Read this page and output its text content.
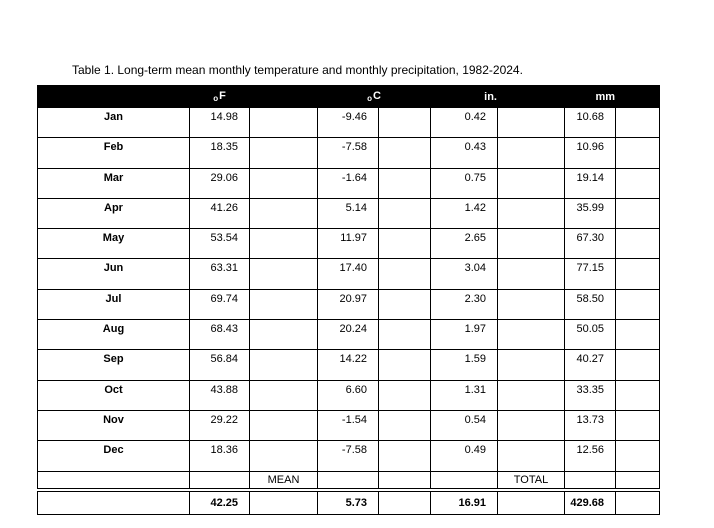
Table 1. Long-term mean monthly temperature and monthly precipitation, 1982-2024.
	oF		oC		in.		mm	
Jan	14.98		-9.46		0.42		10.68	
Feb	18.35		-7.58		0.43		10.96	
Mar	29.06		-1.64		0.75		19.14	
Apr	41.26		5.14		1.42		35.99	
May	53.54		11.97		2.65		67.30	
Jun	63.31		17.40		3.04		77.15	
Jul	69.74		20.97		2.30		58.50	
Aug	68.43		20.24		1.97		50.05	
Sep	56.84		14.22		1.59		40.27	
Oct	43.88		6.60		1.31		33.35	
Nov	29.22		-1.54		0.54		13.73	
Dec	18.36		-7.58		0.49		12.56	
		MEAN				TOTAL		
	42.25		5.73		16.91		429.68	
